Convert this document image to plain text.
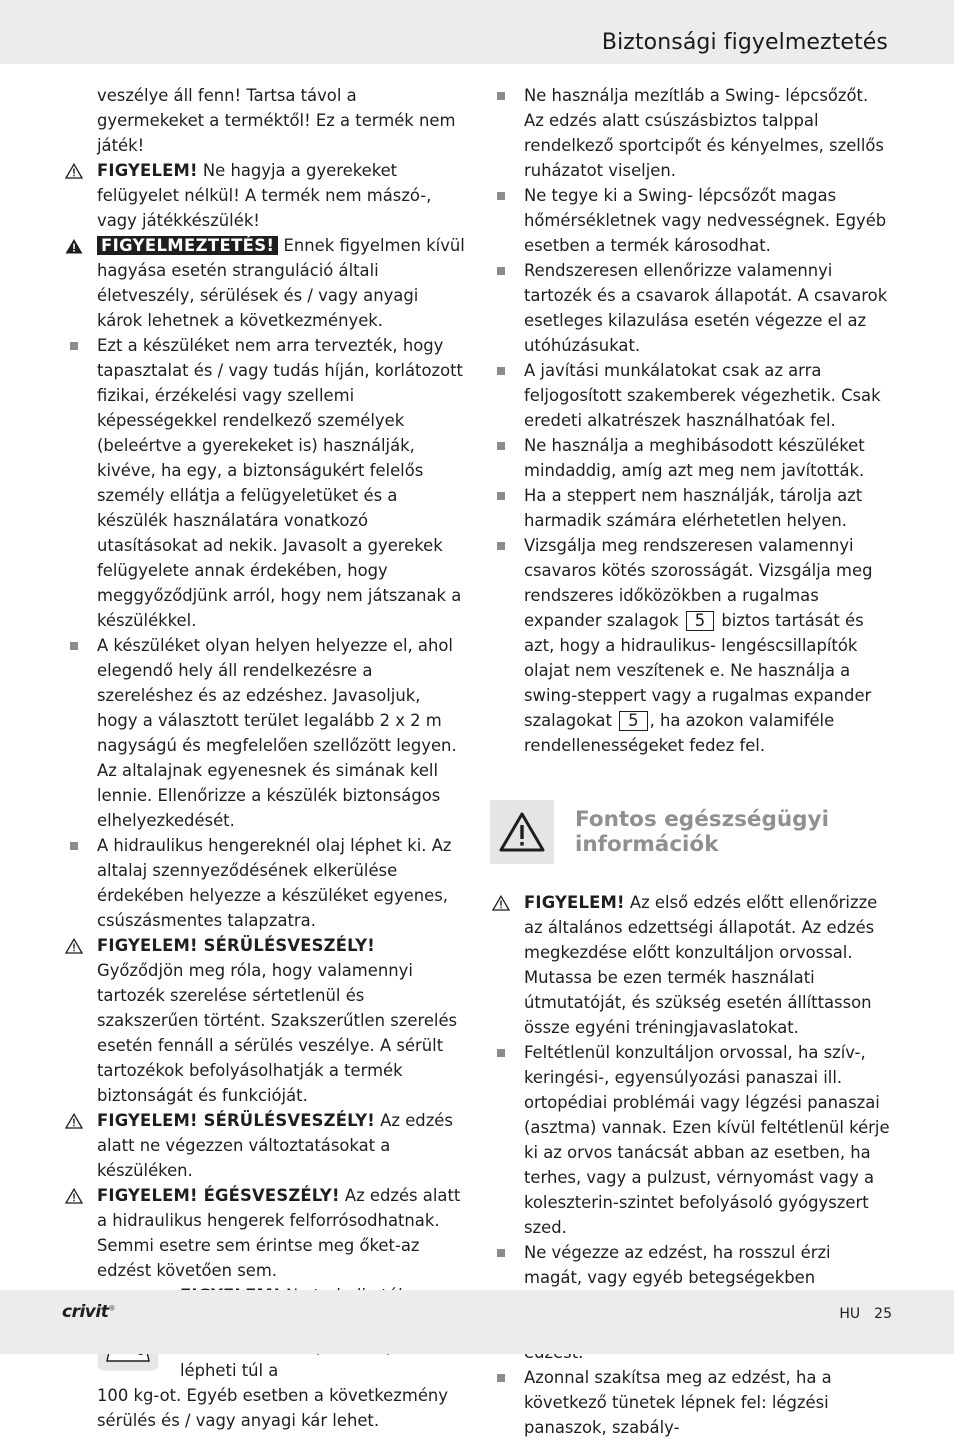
Biztonsági figyelmeztetés

veszélye áll fenn! Tartsa távol a gyermekeket a terméktől! Ez a termék nem játék!

FIGYELEM! Ne hagyja a gyerekeket felügyelet nélkül! A termék nem mászó-, vagy játékkészülék!

FIGYELMEZTETÉS! Ennek figyelmen kívül hagyása esetén stranguláció általi életveszély, sérülések és / vagy anyagi károk lehetnek a következmények.

Ezt a készüléket nem arra tervezték, hogy tapasztalat és / vagy tudás híján, korlátozott fizikai, érzékelési vagy szellemi képességekkel rendelkező személyek (beleértve a gyerekeket is) használják, kivéve, ha egy, a biztonságukért felelős személy ellátja a felügyeletüket és a készülék használatára vonatkozó utasításokat ad nekik. Javasolt a gyerekek felügyelete annak érdekében, hogy meggyőződjünk arról, hogy nem játszanak a készülékkel.

A készüléket olyan helyen helyezze el, ahol elegendő hely áll rendelkezésre a szereléshez és az edzéshez. Javasoljuk, hogy a választott terület legalább 2 x 2 m nagyságú és megfelelően szellőzött legyen. Az altalajnak egyenesnek és simának kell lennie. Ellenőrizze a készülék biztonságos elhelyezkedését.

A hidraulikus hengereknél olaj léphet ki. Az altalaj szennyeződésének elkerülése érdekében helyezze a készüléket egyenes, csúszásmentes talapzatra.

FIGYELEM! SÉRÜLÉSVESZÉLY! Győződjön meg róla, hogy valamennyi tartozék szerelése sértetlenül és szakszerűen történt. Szakszerűtlen szerelés esetén fennáll a sérülés veszélye. A sérült tartozékok befolyásolhatják a termék biztonságát és funkcióját.

FIGYELEM! SÉRÜLÉSVESZÉLY! Az edzés alatt ne végezzen változtatásokat a készüléken.

FIGYELEM! ÉGÉSVESZÉLY! Az edzés alatt a hidraulikus hengerek felforrósodhatnak. Semmi esetre sem érintse meg őket-az edzést követően sem.

lépheti túl a

100 kg-ot. Egyéb esetben a következmény sérülés és / vagy anyagi kár lehet.

Ne használja mezítláb a Swing- lépcsőzőt. Az edzés alatt csúszásbiztos talppal rendelkező sportcipőt és kényelmes, szellős ruházatot viseljen.

Ne tegye ki a Swing- lépcsőzőt magas hőmérsékletnek vagy nedvességnek. Egyéb esetben a termék károsodhat.

Rendszeresen ellenőrizze valamennyi tartozék és a csavarok állapotát. A csavarok esetleges kilazulása esetén végezze el az utóhúzásukat.

A javítási munkálatokat csak az arra feljogosított szakemberek végezhetik. Csak eredeti alkatrészek használhatóak fel.

Ne használja a meghibásodott készüléket mindaddig, amíg azt meg nem javították.

Ha a steppert nem használják, tárolja azt harmadik számára elérhetetlen helyen.

Vizsgálja meg rendszeresen valamennyi csavaros kötés szorosságát. Vizsgálja meg rendszeres időközökben a rugalmas expander szalagok 5 biztos tartását és azt, hogy a hidraulikus- lengéscsillapítók olajat nem veszítenek e. Ne használja a swing-steppert vagy a rugalmas expander szalagokat 5 , ha azokon valamiféle rendellenességeket fedez fel.

Fontos egészségügyi információk

FIGYELEM! Az első edzés előtt ellenőrizze az általános edzettségi állapotát. Az edzés megkezdése előtt konzultáljon orvossal. Mutassa be ezen termék használati útmutatóját, és szükség esetén állíttasson össze egyéni tréningjavaslatokat.

Feltétlenül konzultáljon orvossal, ha szív-, keringési-, egyensúlyozási panaszai ill. ortopédiai problémái vagy légzési panaszai (asztma) vannak. Ezen kívül feltétlenül kérje ki az orvos tanácsát abban az esetben, ha terhes, vagy a pulzust, vérnyomást vagy a koleszterin-szintet befolyásoló gyógyszert szed.

Ne végezze az edzést, ha rosszul érzi magát, vagy egyéb betegségekben

Azonnal szakítsa meg az edzést, ha a következő tünetek lépnek fel: légzési panaszok, szabály-

crivit®	HU 25
